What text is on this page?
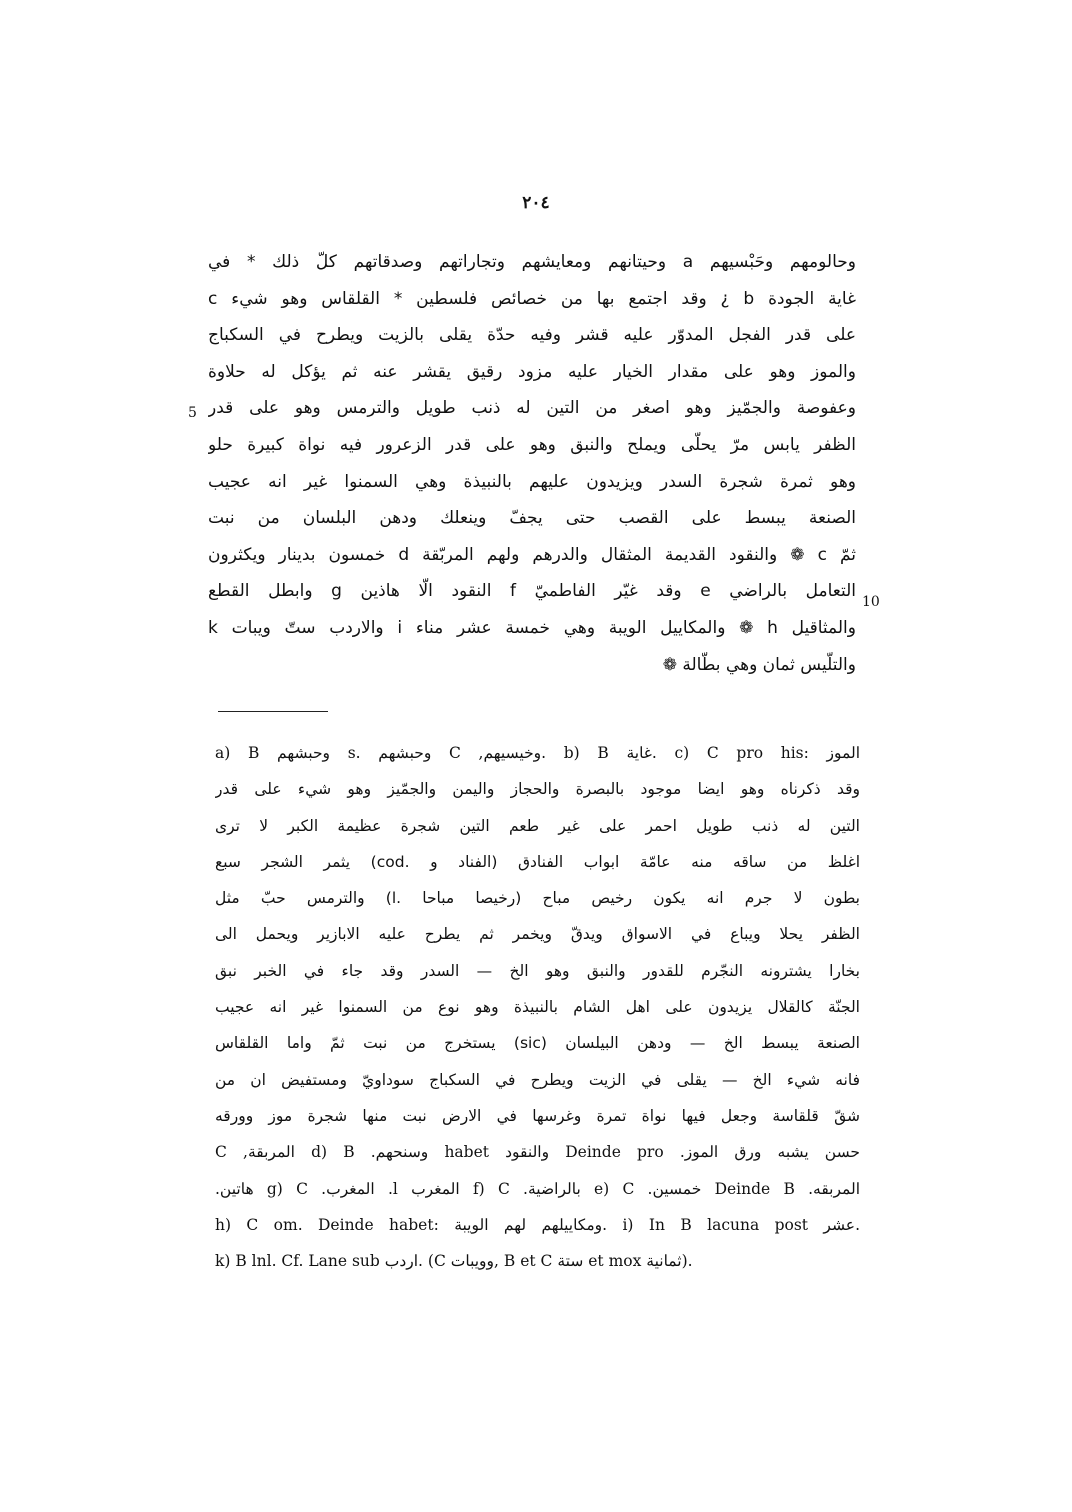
٢٠٤
5
10
وحالومهم وحَبْسيهم a وحيتانهم ومعايشهم وتجاراتهم وصدقاتهم كلّ ذلك * في
غاية الجودة b ¿ وقد اجتمع بها من خصائص فلسطين * القلقاس وهو شيء c
على قدر الفجل المدوّر عليه قشر وفيه حدّة يقلى بالزيت ويطرح في السكباج
والموز وهو على مقدار الخيار عليه مزود رقيق يقشر عنه ثم يؤكل له حلاوة
وعفوصة والجمّيز وهو اصغر من التين له ذنب طويل والترمس وهو على قدر
الظفر يابس مرّ يحلّى ويملح والنبق وهو على قدر الزعرور فيه نواة كبيرة حلو
وهو ثمرة شجرة السدر ويزيدون عليهم بالنبيذة وهي السمنوا غير انه عجيب
الصنعة يبسط على القصب حتى يجفّ وينعلك ودهن البلسان من نبت
ثمّ c ❁ والنقود القديمة المثقال والدرهم ولهم المربّقة d خمسون بدينار ويكثرون
التعامل بالراضي e وقد غيّر الفاطميّ f النقود الّا هاذين g وابطل القطع
والمثاقيل h ❁ والمكاييل الويبة وهي خمسة عشر مناء i والاردب ستّ ويبات k
والتلّيس ثمان وهي بطّالة ❁
a) B وحبشهم s. وحبشهم C ,وخيسيهم. b) B غاية. c) C pro his: الموز
وقد ذكرناه وهو ايضا موجود بالبصرة والحجاز واليمن والجمّيز وهو شيء على قدر
التين له ذنب طويل احمر على غير طعم التين شجرة عظيمة الكبر لا ترى
اغلظ من ساقه منه عامّة ابواب الفنادق (الفناد و .cod) يثمر الشجر سبع
بطون لا جرم انه يكون رخيص مباح (رخيصا مباحا .l) والترمس حبّ مثل
الظفر يحلا ويباع في الاسواق ويدقّ ويخمر ثم يطرح عليه الابازير ويحمل الى
بخارا يشترونه النجّرم للقدور والنبق وهو الخ — السدر وقد جاء في الخبر نبق
الجنّة كالقلال يزيدون على اهل الشام بالنبيذة وهو نوع من السمنوا غير انه عجيب
الصنعة يبسط الخ — ودهن البيلسان (sic) يستخرج من نبت ثمّ واما القلقاس
فانه شيء الخ — يقلى في الزيت ويطرح في السكباج سوداويّ ومستفيض ان من
شقّ قلقاسة وجعل فيها نواة تمرة وغرسها في الارض نبت منها شجرة موز وورقه
حسن يشبه ورق الموز. Deinde pro والنقود habet وسنحهم. d) B المربقة, C
المربقه. Deinde B خمسين. e) C بالراضية. f) C المغرب l. المغرب. g) C هاتين.
h) C om. Deinde habet: ومكاييلهم لهم الويبة. i) In B lacuna post عشر.
k) B lnl. Cf. Lane sub اردب. (C وويبات, B et C ستة et mox ثمانية).
